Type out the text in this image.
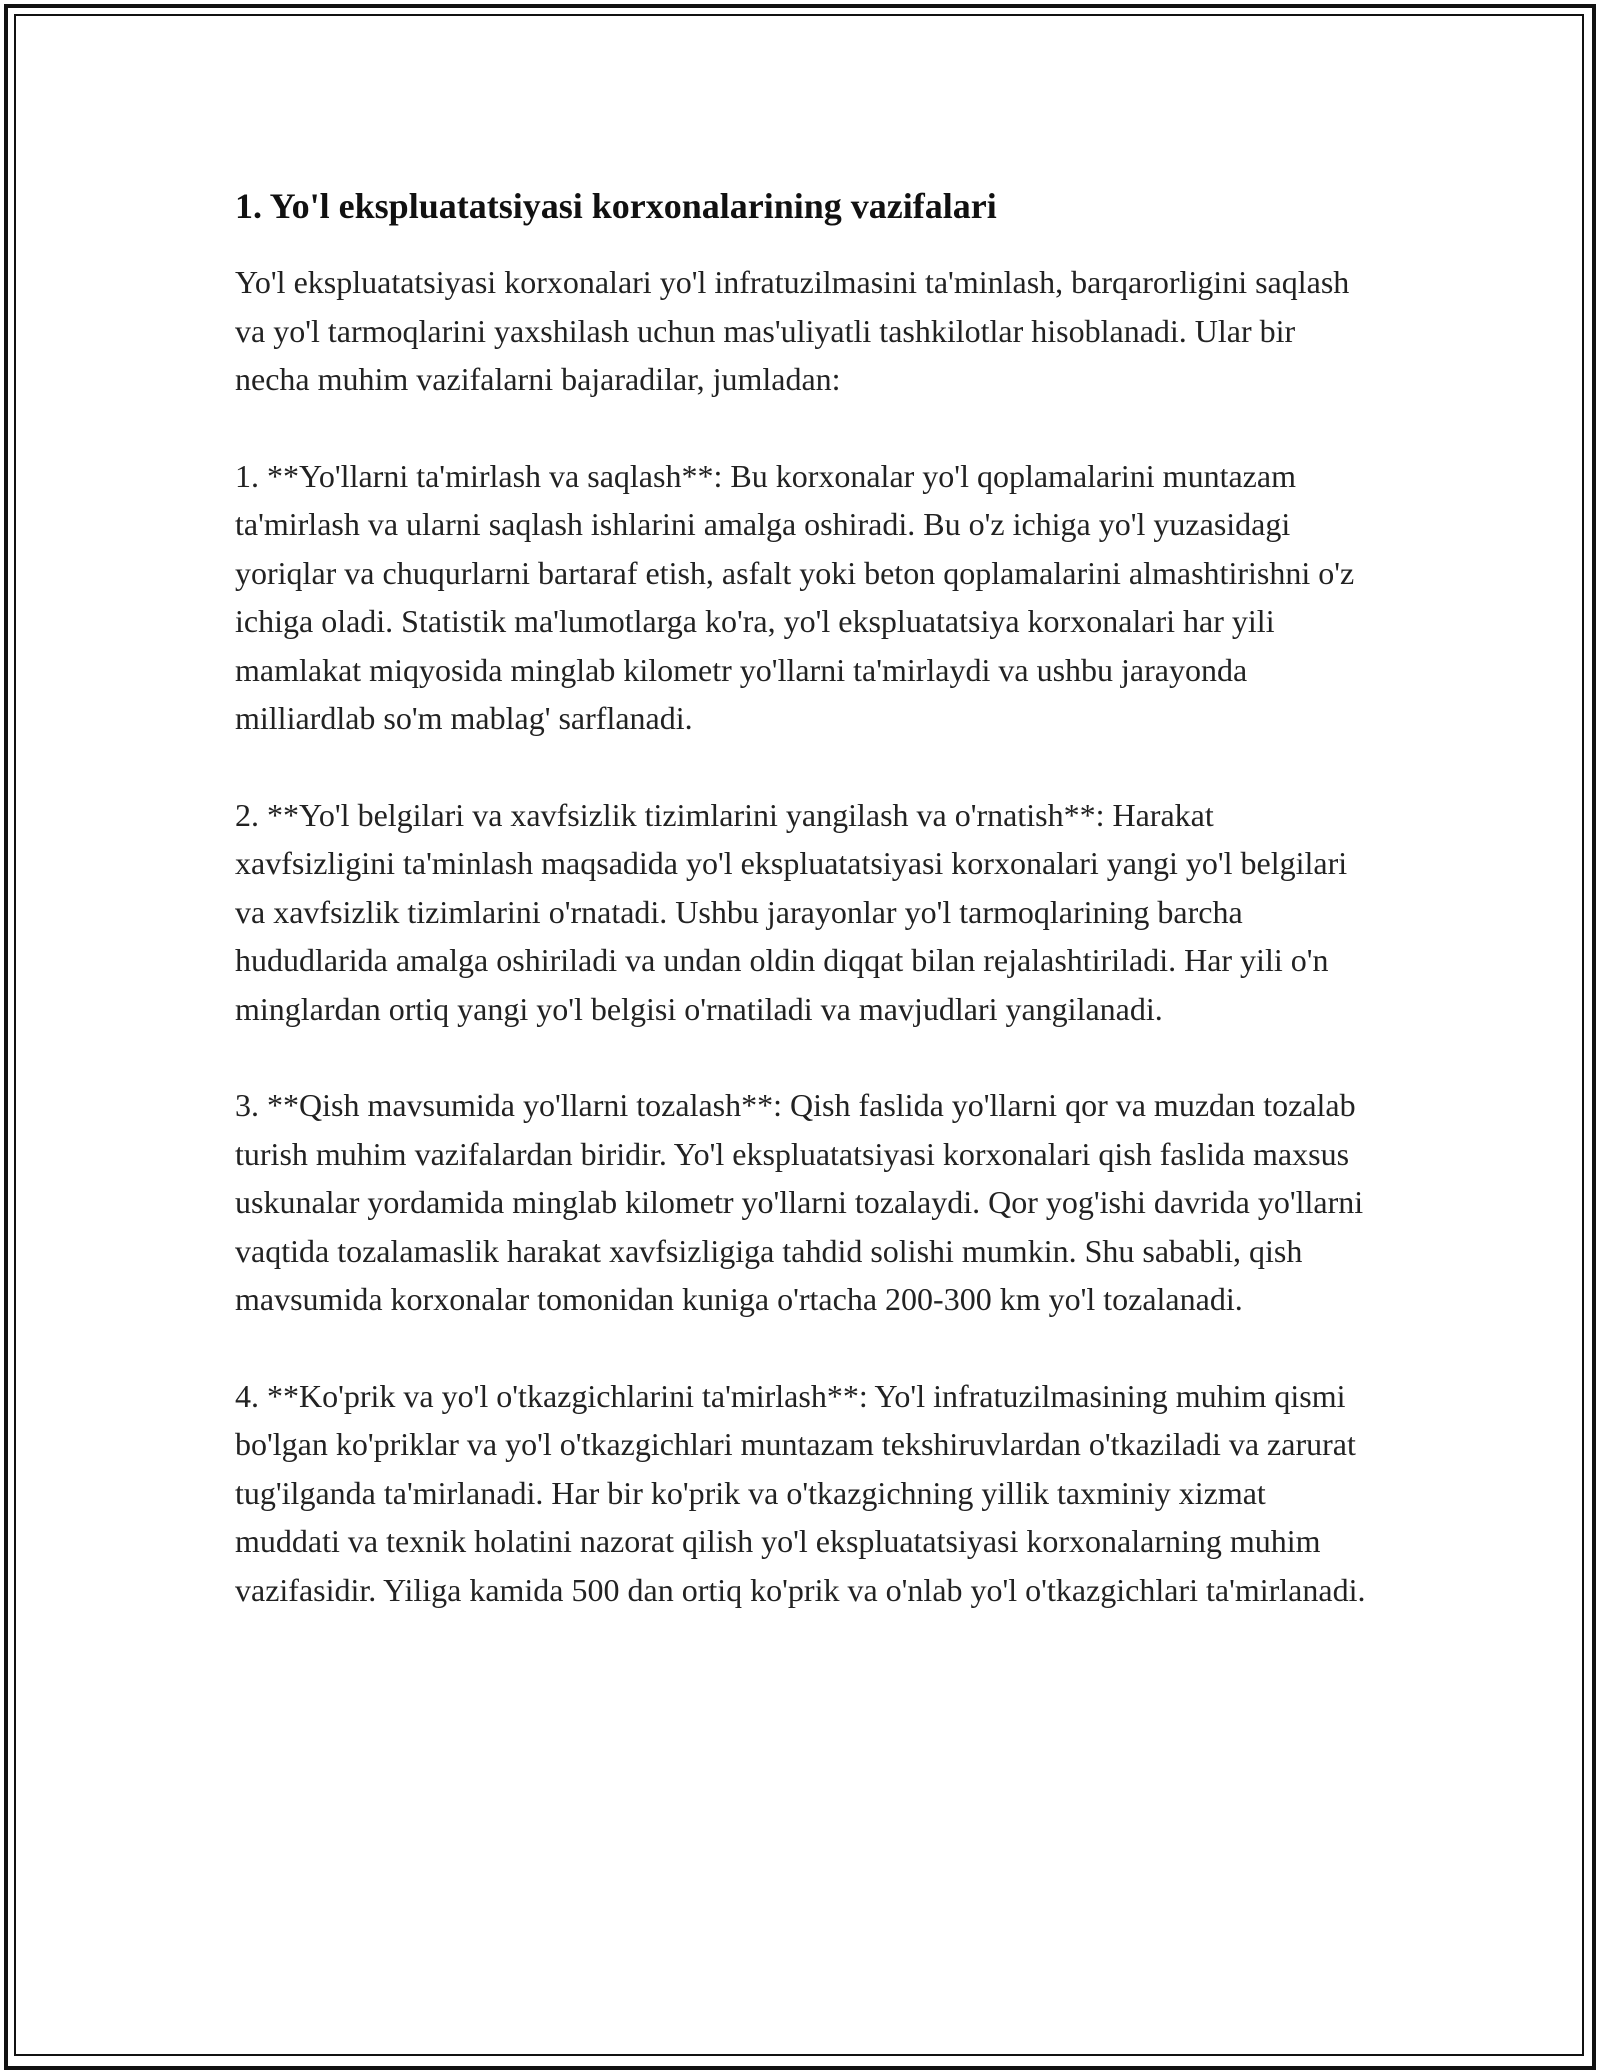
1. Yo'l ekspluatatsiyasi korxonalarining vazifalari

Yo'l ekspluatatsiyasi korxonalari yo'l infratuzilmasini ta'minlash, barqarorligini saqlash va yo'l tarmoqlarini yaxshilash uchun mas'uliyatli tashkilotlar hisoblanadi. Ular bir necha muhim vazifalarni bajaradilar, jumladan:

1. **Yo'llarni ta'mirlash va saqlash**: Bu korxonalar yo'l qoplamalarini muntazam ta'mirlash va ularni saqlash ishlarini amalga oshiradi. Bu o'z ichiga yo'l yuzasidagi yoriqlar va chuqurlarni bartaraf etish, asfalt yoki beton qoplamalarini almashtirishni o'z ichiga oladi. Statistik ma'lumotlarga ko'ra, yo'l ekspluatatsiya korxonalari har yili mamlakat miqyosida minglab kilometr yo'llarni ta'mirlaydi va ushbu jarayonda milliardlab so'm mablag' sarflanadi.

2. **Yo'l belgilari va xavfsizlik tizimlarini yangilash va o'rnatish**: Harakat xavfsizligini ta'minlash maqsadida yo'l ekspluatatsiyasi korxonalari yangi yo'l belgilari va xavfsizlik tizimlarini o'rnatadi. Ushbu jarayonlar yo'l tarmoqlarining barcha hududlarida amalga oshiriladi va undan oldin diqqat bilan rejalashtiriladi. Har yili o'n minglardan ortiq yangi yo'l belgisi o'rnatiladi va mavjudlari yangilanadi.

3. **Qish mavsumida yo'llarni tozalash**: Qish faslida yo'llarni qor va muzdan tozalab turish muhim vazifalardan biridir. Yo'l ekspluatatsiyasi korxonalari qish faslida maxsus uskunalar yordamida minglab kilometr yo'llarni tozalaydi. Qor yog'ishi davrida yo'llarni vaqtida tozalamaslik harakat xavfsizligiga tahdid solishi mumkin. Shu sababli, qish mavsumida korxonalar tomonidan kuniga o'rtacha 200-300 km yo'l tozalanadi.

4. **Ko'prik va yo'l o'tkazgichlarini ta'mirlash**: Yo'l infratuzilmasining muhim qismi bo'lgan ko'priklar va yo'l o'tkazgichlari muntazam tekshiruvlardan o'tkaziladi va zarurat tug'ilganda ta'mirlanadi. Har bir ko'prik va o'tkazgichning yillik taxminiy xizmat muddati va texnik holatini nazorat qilish yo'l ekspluatatsiyasi korxonalarning muhim vazifasidir. Yiliga kamida 500 dan ortiq ko'prik va o'nlab yo'l o'tkazgichlari ta'mirlanadi.
